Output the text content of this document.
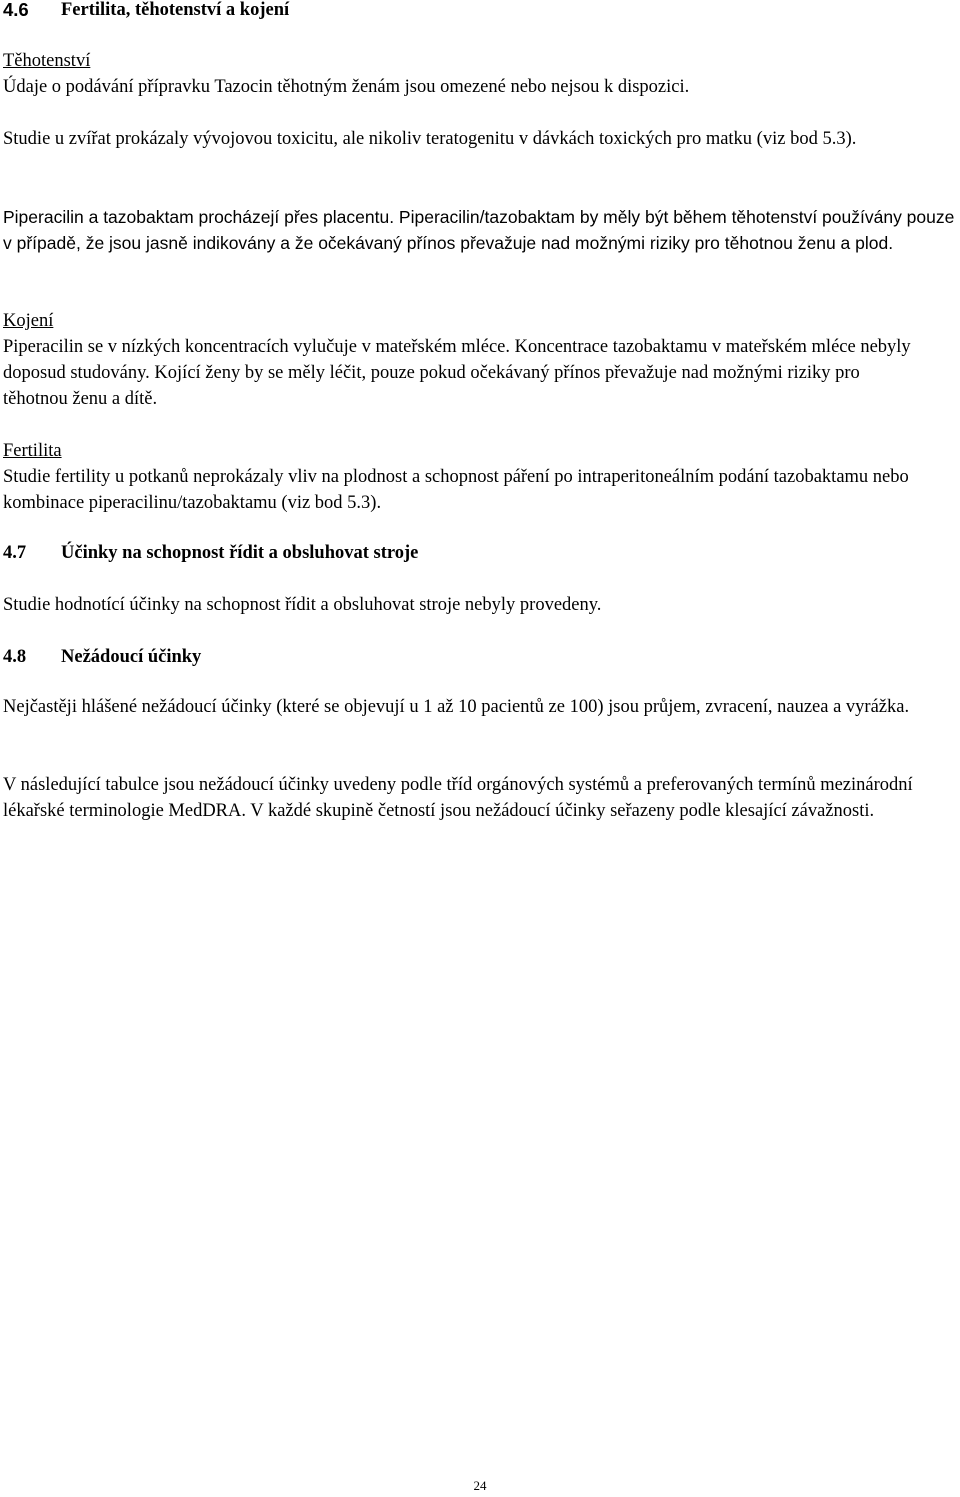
4.6	Fertilita, těhotenství a kojení

Těhotenství

Údaje o podávání přípravku Tazocin těhotným ženám jsou omezené nebo nejsou k dispozici.

Studie u zvířat prokázaly vývojovou toxicitu, ale nikoliv teratogenitu v dávkách toxických pro matku (viz bod 5.3).
Piperacilin a tazobaktam procházejí přes placentu. Piperacilin/tazobaktam by měly být během těhotenství používány pouze v případě, že jsou jasně indikovány a že očekávaný přínos převažuje nad možnými riziky pro těhotnou ženu a plod.

Kojení

Piperacilin se v nízkých koncentracích vylučuje v mateřském mléce. Koncentrace tazobaktamu v mateřském mléce nebyly doposud studovány. Kojící ženy by se měly léčit, pouze pokud očekávaný přínos převažuje nad možnými riziky pro těhotnou ženu a dítě.

Fertilita

Studie fertility u potkanů neprokázaly vliv na plodnost a schopnost páření po intraperitoneálním podání tazobaktamu nebo kombinace piperacilinu/tazobaktamu (viz bod 5.3).

4.7	Účinky na schopnost řídit a obsluhovat stroje
Studie hodnotící účinky na schopnost řídit a obsluhovat stroje nebyly provedeny.
4.8	Nežádoucí účinky
Nejčastěji hlášené nežádoucí účinky (které se objevují u 1 až 10 pacientů ze 100) jsou průjem, zvracení, nauzea a vyrážka.
V následující tabulce jsou nežádoucí účinky uvedeny podle tříd orgánových systémů a preferovaných termínů mezinárodní lékařské terminologie MedDRA. V každé skupině četností jsou nežádoucí účinky seřazeny podle klesající závažnosti.
24
